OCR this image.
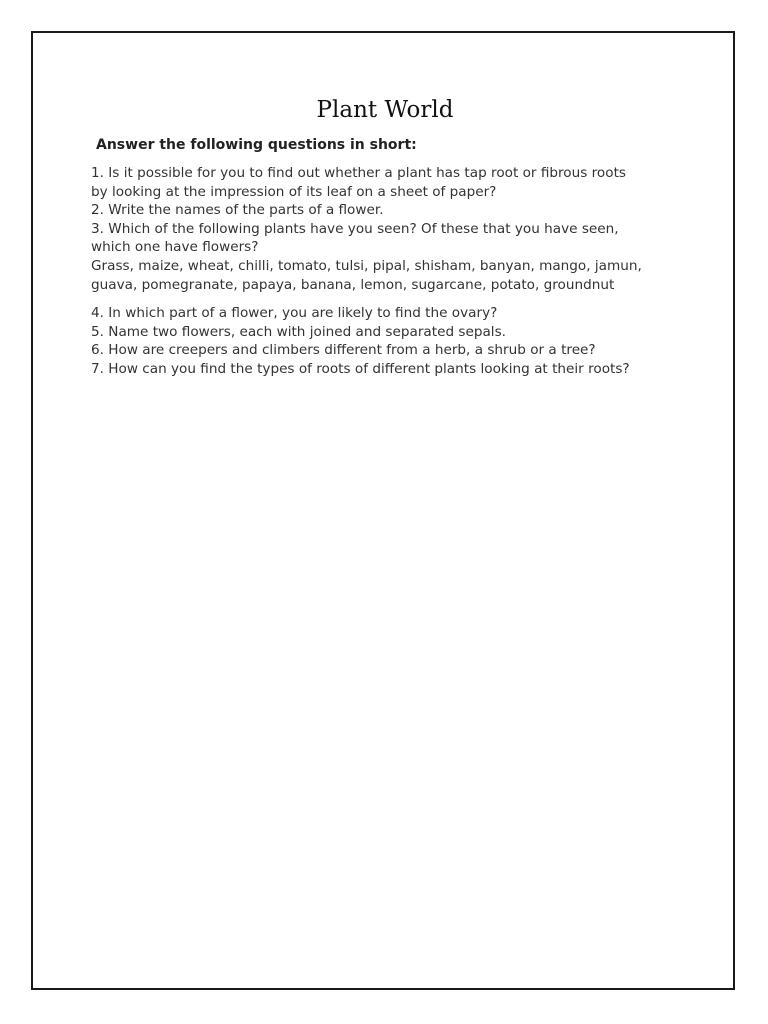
Plant World
Answer the following questions in short:
1. Is it possible for you to find out whether a plant has tap root or fibrous roots
by looking at the impression of its leaf on a sheet of paper?
2. Write the names of the parts of a flower.
3. Which of the following plants have you seen? Of these that you have seen,
which one have flowers?
Grass, maize, wheat, chilli, tomato, tulsi, pipal, shisham, banyan, mango, jamun,
guava, pomegranate, papaya, banana, lemon, sugarcane, potato, groundnut
4. In which part of a flower, you are likely to find the ovary?
5. Name two flowers, each with joined and separated sepals.
6. How are creepers and climbers different from a herb, a shrub or a tree?
7. How can you find the types of roots of different plants looking at their roots?
